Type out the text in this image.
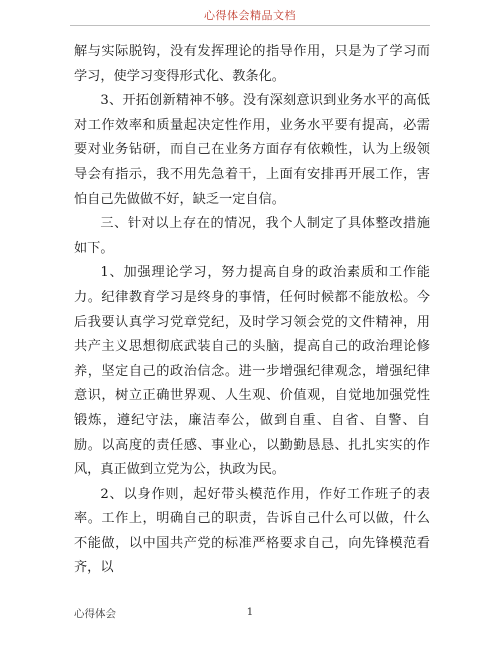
心得体会精品文档

解与实际脱钩，没有发挥理论的指导作用，只是为了学习而学习，使学习变得形式化、教条化。

3、开拓创新精神不够。没有深刻意识到业务水平的高低对工作效率和质量起决定性作用，业务水平要有提高，必需要对业务钻研，而自己在业务方面存有依赖性，认为上级领导会有指示，我不用先急着干，上面有安排再开展工作，害怕自己先做做不好，缺乏一定自信。

三、针对以上存在的情况，我个人制定了具体整改措施如下。

1、加强理论学习，努力提高自身的政治素质和工作能力。纪律教育学习是终身的事情，任何时候都不能放松。今后我要认真学习党章党纪，及时学习领会党的文件精神，用共产主义思想彻底武装自己的头脑，提高自己的政治理论修养，坚定自己的政治信念。进一步增强纪律观念，增强纪律意识，树立正确世界观、人生观、价值观，自觉地加强党性锻炼，遵纪守法，廉洁奉公，做到自重、自省、自警、自励。以高度的责任感、事业心，以勤勤恳恳、扎扎实实的作风，真正做到立党为公，执政为民。

2、以身作则，起好带头模范作用，作好工作班子的表率。工作上，明确自己的职责，告诉自己什么可以做，什么不能做，以中国共产党的标准严格要求自己，向先锋模范看齐，以

心得体会	1
